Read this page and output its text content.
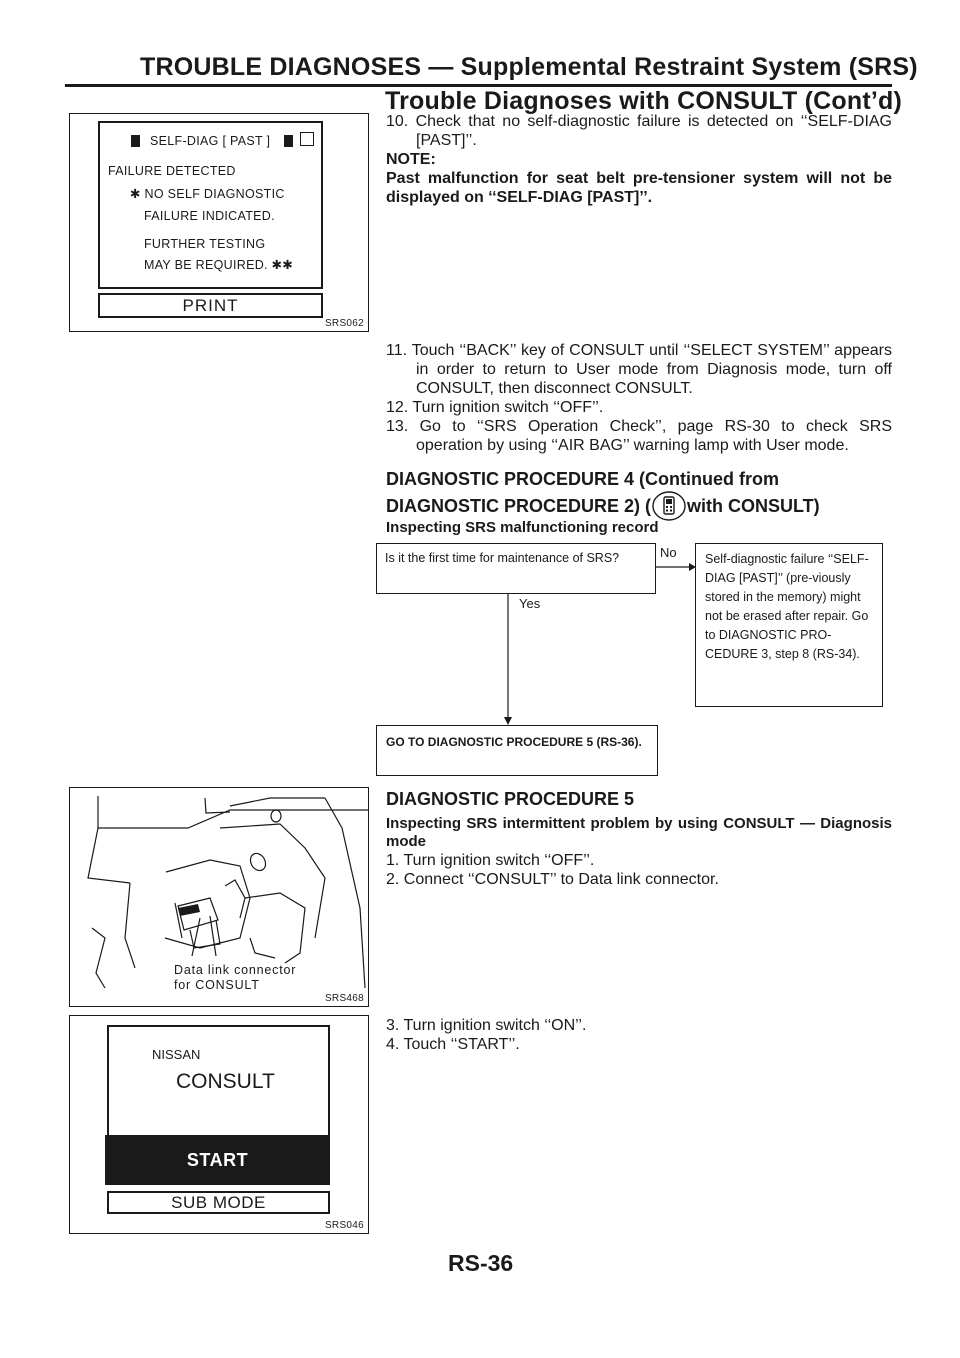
TROUBLE DIAGNOSES — Supplemental Restraint System (SRS)
Trouble Diagnoses with CONSULT (Cont’d)
SELF-DIAG [ PAST ]
FAILURE DETECTED
✱ NO SELF DIAGNOSTIC
FAILURE INDICATED.
FURTHER TESTING
MAY BE REQUIRED. ✱✱
PRINT
SRS062

10. Check that no self-diagnostic failure is detected on ‘‘SELF-DIAG [PAST]’’.

NOTE:

Past malfunction for seat belt pre-tensioner system will not be displayed on ‘‘SELF-DIAG [PAST]’’.

11. Touch ‘‘BACK’’ key of CONSULT until ‘‘SELECT SYSTEM’’ appears in order to return to User mode from Diagnosis mode, turn off CONSULT, then disconnect CONSULT.

12. Turn ignition switch ‘‘OFF’’.

13. Go to ‘‘SRS Operation Check’’, page RS-30 to check SRS operation by using ‘‘AIR BAG’’ warning lamp with User mode.

DIAGNOSTIC PROCEDURE 4 (Continued from
DIAGNOSTIC PROCEDURE 2) ( with CONSULT)
Inspecting SRS malfunctioning record
Is it the first time for maintenance of SRS?	No	Self-diagnostic failure ‘‘SELF-DIAG [PAST]’’ (pre-viously stored in the memory) might not be erased after repair. Go to DIAGNOSTIC PRO-CEDURE 3, step 8 (RS-34).
Yes
GO TO DIAGNOSTIC PROCEDURE 5 (RS-36).
Data link connector
for CONSULT
SRS468
DIAGNOSTIC PROCEDURE 5

Inspecting SRS intermittent problem by using CONSULT — Diagnosis mode

1. Turn ignition switch ‘‘OFF’’.

2. Connect ‘‘CONSULT’’ to Data link connector.

NISSAN
CONSULT
START
SUB MODE
SRS046

3. Turn ignition switch ‘‘ON’’.

4. Touch ‘‘START’’.

RS-36
